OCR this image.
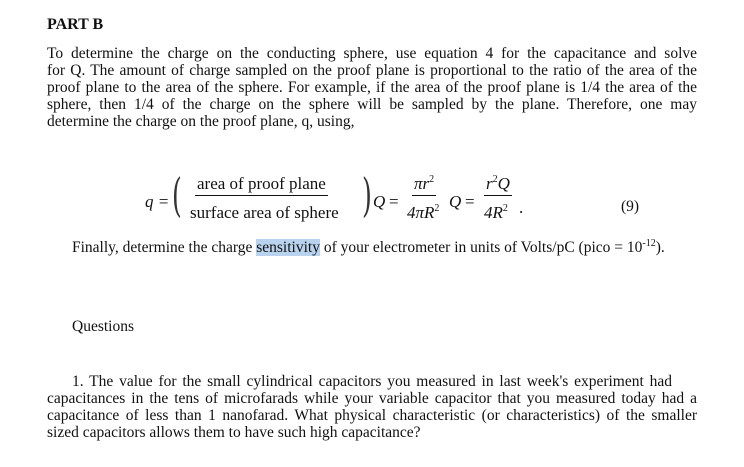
PART B
To determine the charge on the conducting sphere, use equation 4 for the capacitance and solve
for Q. The amount of charge sampled on the proof plane is proportional to the ratio of the area of the
proof plane to the area of the sphere. For example, if the area of the proof plane is 1/4 the area of the
sphere, then 1/4 of the charge on the sphere will be sampled by the plane. Therefore, one may
determine the charge on the proof plane, q, using,
q = ( area of proof plane
surface area of sphere ) Q =
$\pi r^2$
$4\pi R^2$ Q =
$r^2Q$
$4R^2$ .	(9)
Finally, determine the charge sensitivity of your electrometer in units of Volts/pC (pico = $10^{-12}$).
Questions
1. The value for the small cylindrical capacitors you measured in last week's experiment had
capacitances in the tens of microfarads while your variable capacitor that you measured today had a
capacitance of less than 1 nanofarad. What physical characteristic (or characteristics) of the smaller
sized capacitors allows them to have such high capacitance?
